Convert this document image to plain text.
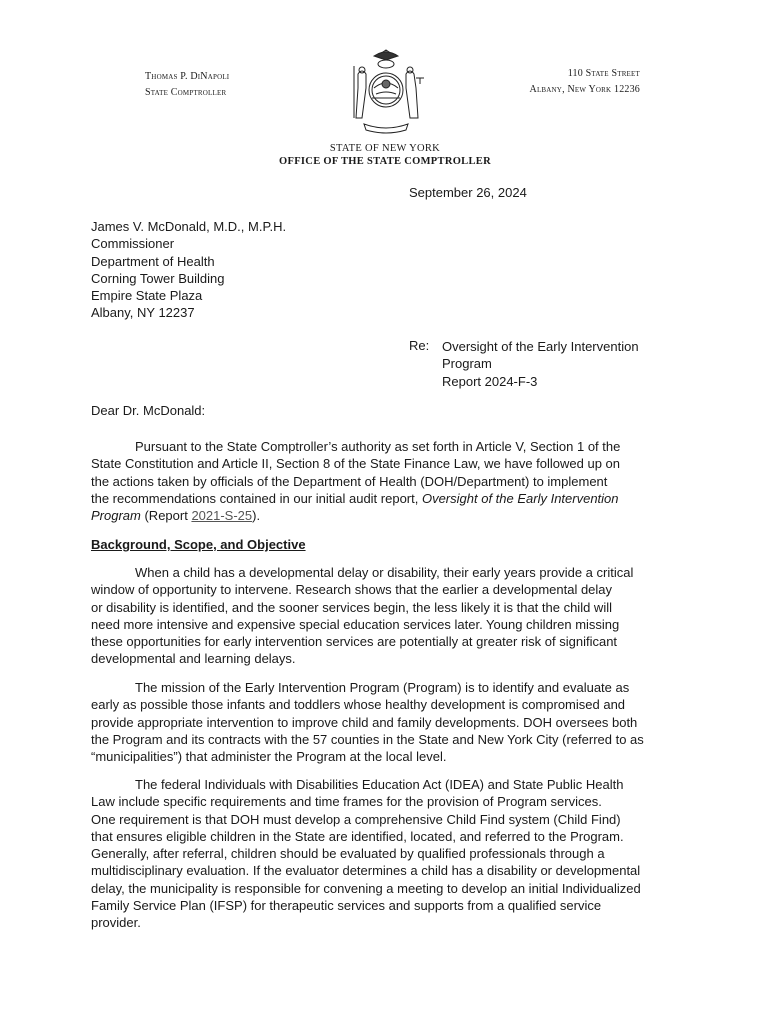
Thomas P. DiNapoli
State Comptroller
110 State Street
Albany, New York 12236
STATE OF NEW YORK
OFFICE OF THE STATE COMPTROLLER
September 26, 2024
James V. McDonald, M.D., M.P.H.
Commissioner
Department of Health
Corning Tower Building
Empire State Plaza
Albany, NY 12237
Re: Oversight of the Early Intervention
Program
Report 2024-F-3
Dear Dr. McDonald:
Pursuant to the State Comptroller’s authority as set forth in Article V, Section 1 of the
State Constitution and Article II, Section 8 of the State Finance Law, we have followed up on
the actions taken by officials of the Department of Health (DOH/Department) to implement
the recommendations contained in our initial audit report, Oversight of the Early Intervention
Program (Report 2021-S-25).
Background, Scope, and Objective
When a child has a developmental delay or disability, their early years provide a critical
window of opportunity to intervene. Research shows that the earlier a developmental delay
or disability is identified, and the sooner services begin, the less likely it is that the child will
need more intensive and expensive special education services later. Young children missing
these opportunities for early intervention services are potentially at greater risk of significant
developmental and learning delays.
The mission of the Early Intervention Program (Program) is to identify and evaluate as
early as possible those infants and toddlers whose healthy development is compromised and
provide appropriate intervention to improve child and family developments. DOH oversees both
the Program and its contracts with the 57 counties in the State and New York City (referred to as
“municipalities”) that administer the Program at the local level.
The federal Individuals with Disabilities Education Act (IDEA) and State Public Health
Law include specific requirements and time frames for the provision of Program services.
One requirement is that DOH must develop a comprehensive Child Find system (Child Find)
that ensures eligible children in the State are identified, located, and referred to the Program.
Generally, after referral, children should be evaluated by qualified professionals through a
multidisciplinary evaluation. If the evaluator determines a child has a disability or developmental
delay, the municipality is responsible for convening a meeting to develop an initial Individualized
Family Service Plan (IFSP) for therapeutic services and supports from a qualified service
provider.
